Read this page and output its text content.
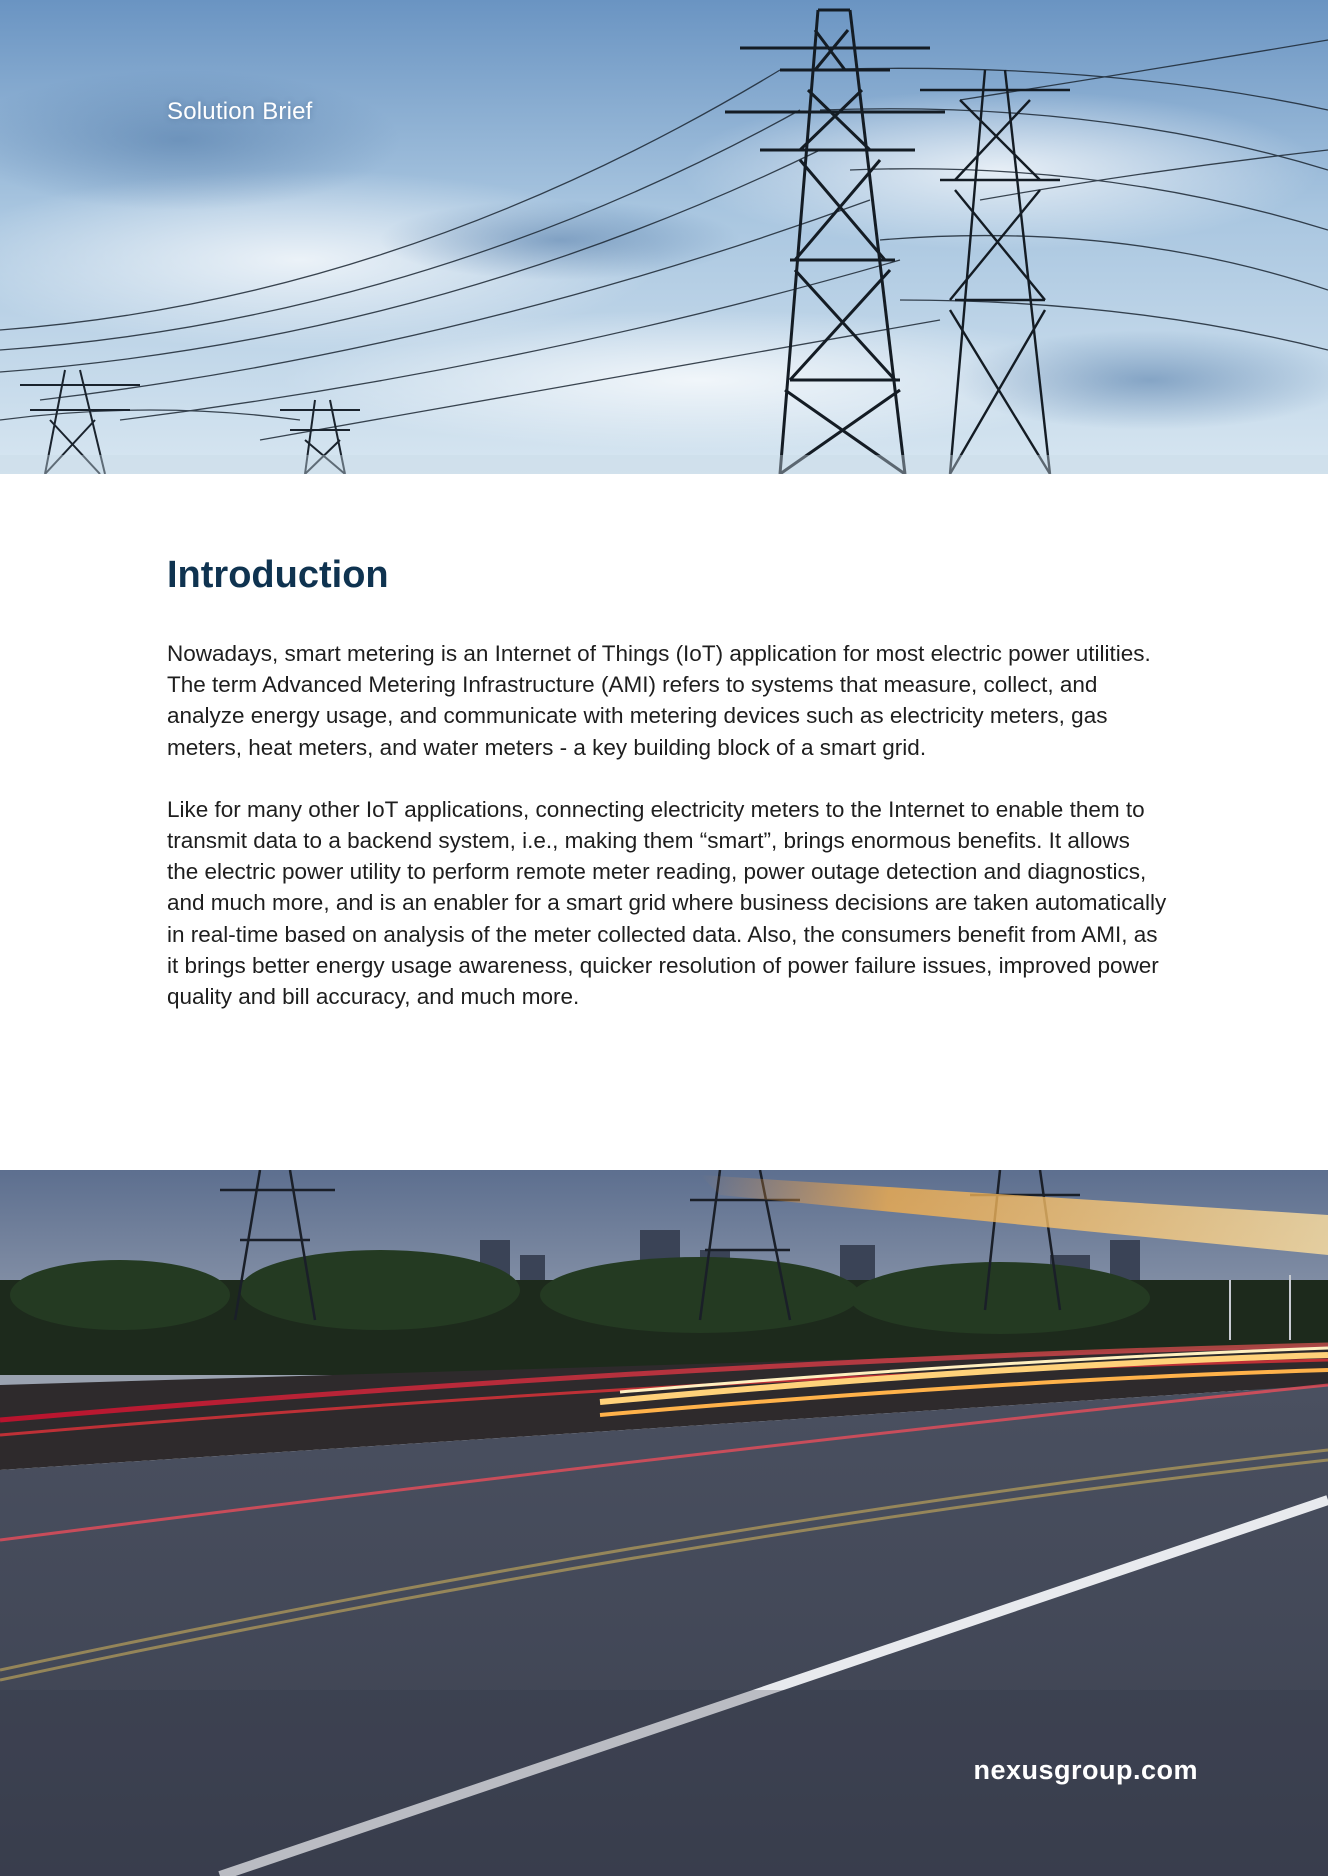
Solution Brief
Introduction

Nowadays, smart metering is an Internet of Things (IoT) application for most electric power utilities. The term Advanced Metering Infrastructure (AMI) refers to systems that measure, collect, and analyze energy usage, and communicate with metering devices such as electricity meters, gas meters, heat meters, and water meters - a key building block of a smart grid.

Like for many other IoT applications, connecting electricity meters to the Internet to enable them to transmit data to a backend system, i.e., making them “smart”, brings enormous benefits. It allows the electric power utility to perform remote meter reading, power outage detection and diagnostics, and much more, and is an enabler for a smart grid where business decisions are taken automatically in real-time based on analysis of the meter collected data. Also, the consumers benefit from AMI, as it brings better energy usage awareness, quicker resolution of power failure issues, improved power quality and bill accuracy, and much more.

nexusgroup.com
